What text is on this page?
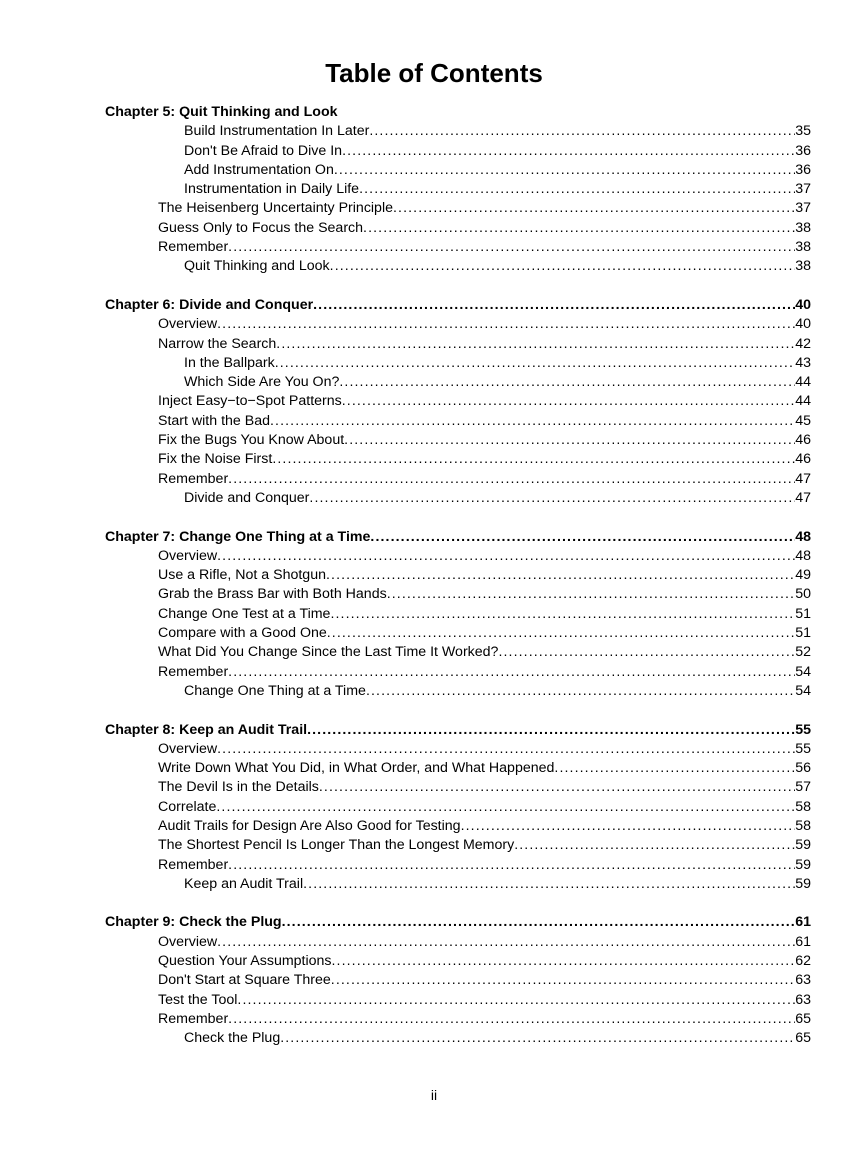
Table of Contents
Chapter 5: Quit Thinking and Look
Build Instrumentation In Later .....	35
Don't Be Afraid to Dive In .....	36
Add Instrumentation On .....	36
Instrumentation in Daily Life .....	37
The Heisenberg Uncertainty Principle .....	37
Guess Only to Focus the Search .....	38
Remember .....	38
Quit Thinking and Look .....	38
Chapter 6: Divide and Conquer .....	40
Overview .....	40
Narrow the Search .....	42
In the Ballpark .....	43
Which Side Are You On? .....	44
Inject Easy−to−Spot Patterns .....	44
Start with the Bad .....	45
Fix the Bugs You Know About .....	46
Fix the Noise First .....	46
Remember .....	47
Divide and Conquer .....	47
Chapter 7: Change One Thing at a Time .....	48
Overview .....	48
Use a Rifle, Not a Shotgun .....	49
Grab the Brass Bar with Both Hands .....	50
Change One Test at a Time .....	51
Compare with a Good One .....	51
What Did You Change Since the Last Time It Worked? .....	52
Remember .....	54
Change One Thing at a Time .....	54
Chapter 8: Keep an Audit Trail .....	55
Overview .....	55
Write Down What You Did, in What Order, and What Happened .....	56
The Devil Is in the Details .....	57
Correlate .....	58
Audit Trails for Design Are Also Good for Testing .....	58
The Shortest Pencil Is Longer Than the Longest Memory .....	59
Remember .....	59
Keep an Audit Trail .....	59
Chapter 9: Check the Plug .....	61
Overview .....	61
Question Your Assumptions .....	62
Don't Start at Square Three .....	63
Test the Tool .....	63
Remember .....	65
Check the Plug .....	65
ii
